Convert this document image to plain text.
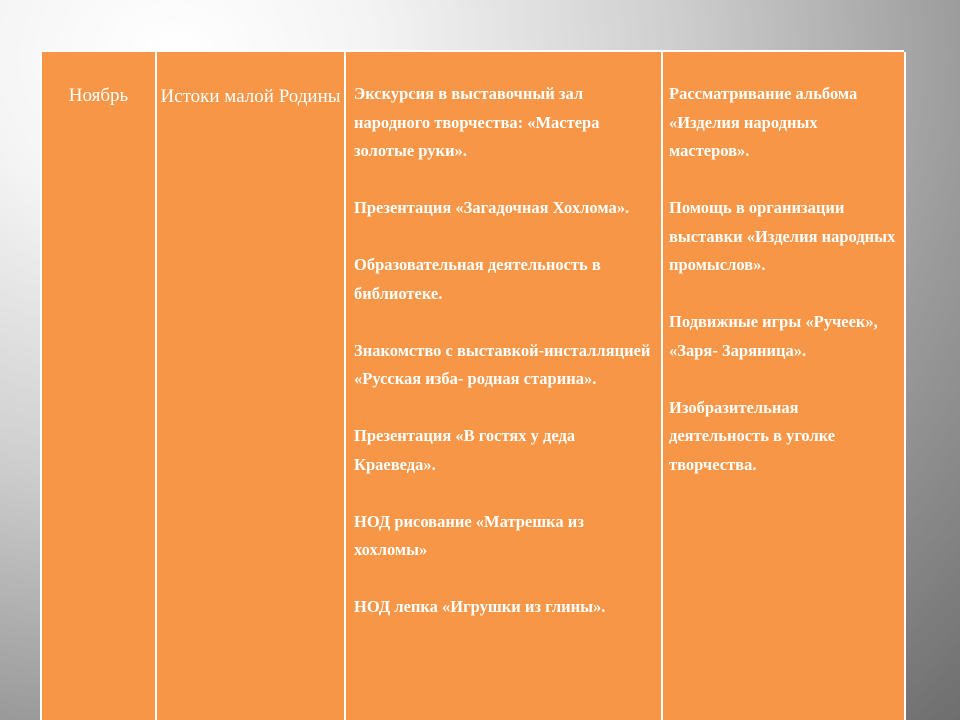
Ноябрь	Истоки малой Родины Экскурсия в выставочный зал народного творчества: «Мастера золотые руки».
Презентация «Загадочная Хохлома».
Образовательная деятельность в библиотеке.
Знакомство с выставкой-инсталляцией «Русская изба- родная старина».
Презентация «В гостях у деда Краеведа».
НОД рисование «Матрешка из хохломы»
НОД лепка «Игрушки из глины».
Рассматривание альбома «Изделия народных мастеров».
Помощь в организации выставки «Изделия народных промыслов».
Подвижные игры «Ручеек», «Заря- Заряница».
Изобразительная деятельность в уголке творчества.
